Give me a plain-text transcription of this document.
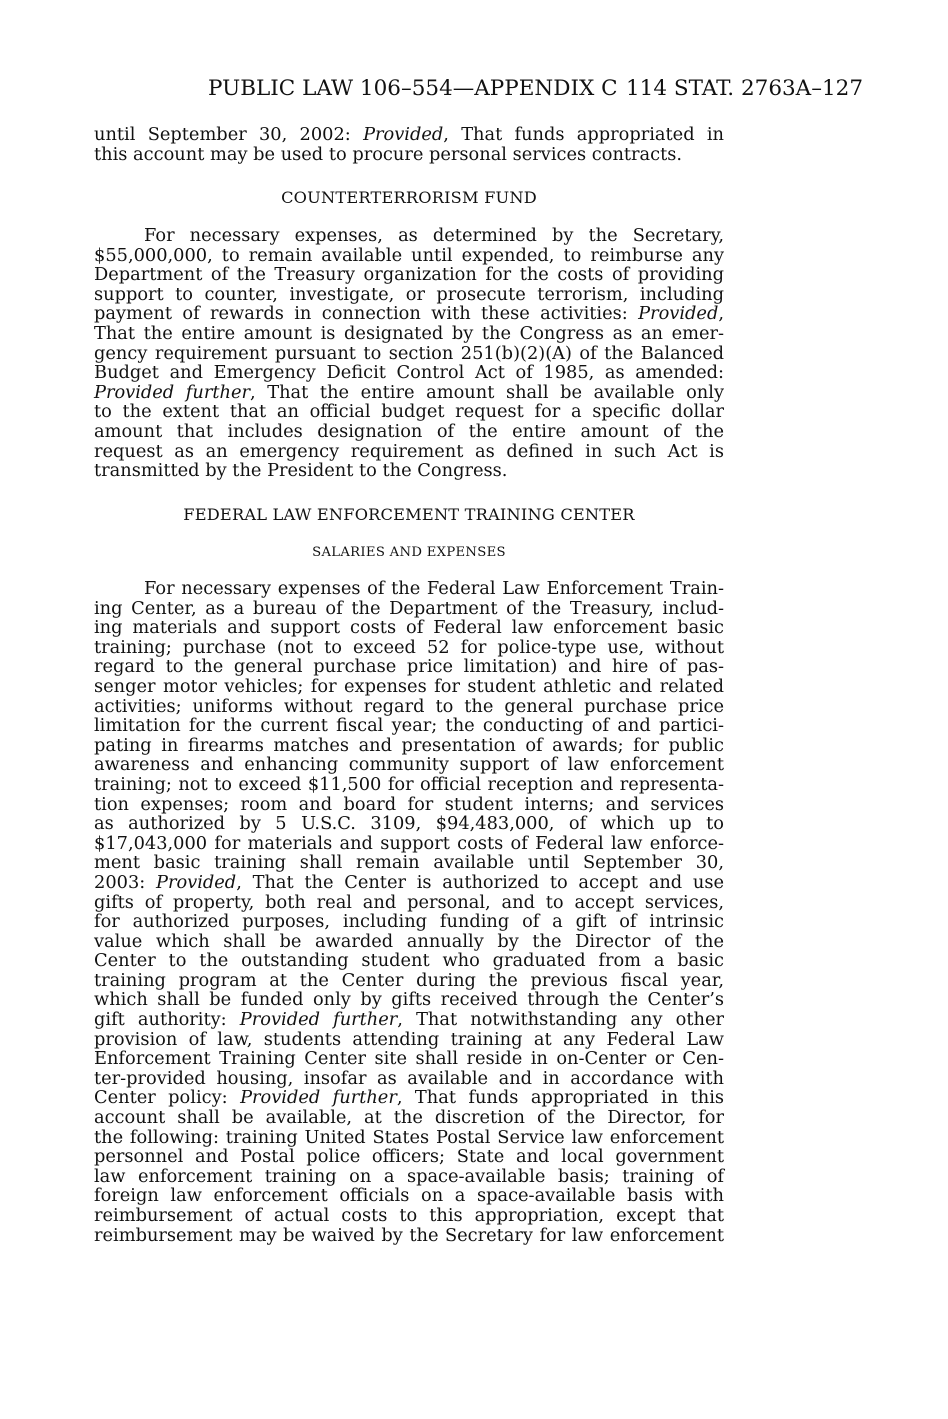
PUBLIC LAW 106–554—APPENDIX C 114 STAT. 2763A–127
until September 30, 2002: Provided, That funds appropriated in
this account may be used to procure personal services contracts.
COUNTERTERRORISM FUND
For necessary expenses, as determined by the Secretary,
$55,000,000, to remain available until expended, to reimburse any
Department of the Treasury organization for the costs of providing
support to counter, investigate, or prosecute terrorism, including
payment of rewards in connection with these activities: Provided,
That the entire amount is designated by the Congress as an emer-
gency requirement pursuant to section 251(b)(2)(A) of the Balanced
Budget and Emergency Deficit Control Act of 1985, as amended:
Provided further, That the entire amount shall be available only
to the extent that an official budget request for a specific dollar
amount that includes designation of the entire amount of the
request as an emergency requirement as defined in such Act is
transmitted by the President to the Congress.
FEDERAL LAW ENFORCEMENT TRAINING CENTER
SALARIES AND EXPENSES
For necessary expenses of the Federal Law Enforcement Train-
ing Center, as a bureau of the Department of the Treasury, includ-
ing materials and support costs of Federal law enforcement basic
training; purchase (not to exceed 52 for police-type use, without
regard to the general purchase price limitation) and hire of pas-
senger motor vehicles; for expenses for student athletic and related
activities; uniforms without regard to the general purchase price
limitation for the current fiscal year; the conducting of and partici-
pating in firearms matches and presentation of awards; for public
awareness and enhancing community support of law enforcement
training; not to exceed $11,500 for official reception and representa-
tion expenses; room and board for student interns; and services
as authorized by 5 U.S.C. 3109, $94,483,000, of which up to
$17,043,000 for materials and support costs of Federal law enforce-
ment basic training shall remain available until September 30,
2003: Provided, That the Center is authorized to accept and use
gifts of property, both real and personal, and to accept services,
for authorized purposes, including funding of a gift of intrinsic
value which shall be awarded annually by the Director of the
Center to the outstanding student who graduated from a basic
training program at the Center during the previous fiscal year,
which shall be funded only by gifts received through the Center’s
gift authority: Provided further, That notwithstanding any other
provision of law, students attending training at any Federal Law
Enforcement Training Center site shall reside in on-Center or Cen-
ter-provided housing, insofar as available and in accordance with
Center policy: Provided further, That funds appropriated in this
account shall be available, at the discretion of the Director, for
the following: training United States Postal Service law enforcement
personnel and Postal police officers; State and local government
law enforcement training on a space-available basis; training of
foreign law enforcement officials on a space-available basis with
reimbursement of actual costs to this appropriation, except that
reimbursement may be waived by the Secretary for law enforcement
